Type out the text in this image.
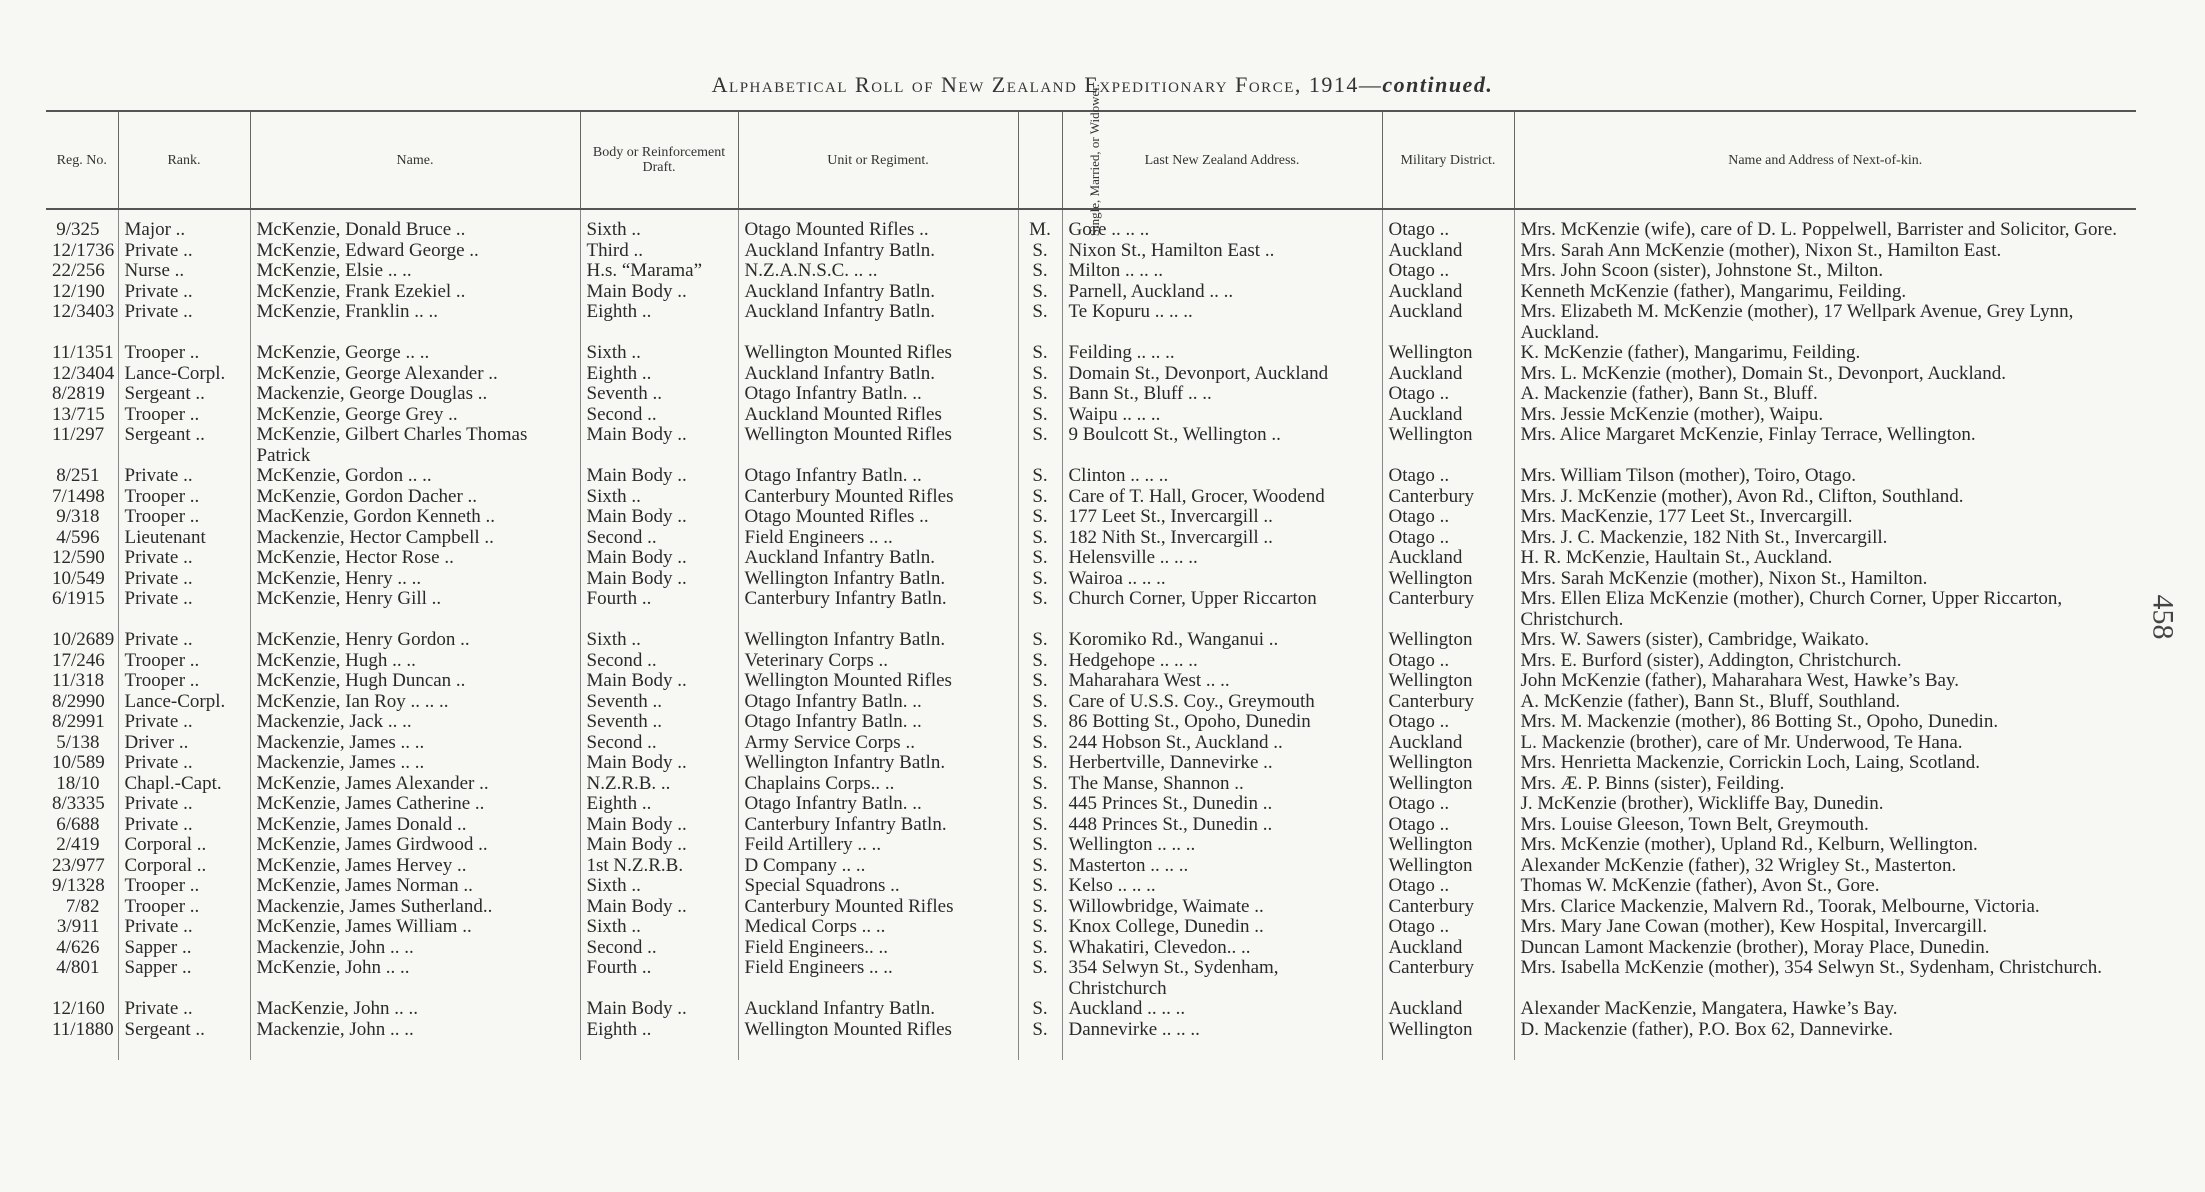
Alphabetical Roll of New Zealand Expeditionary Force, 1914—continued.
458
Reg. No.	Rank.	Name.	Body or Reinforcement Draft.	Unit or Regiment.	Single, Married, or Widower.	Last New Zealand Address.	Military District.	Name and Address of Next-of-kin.
9/325	Major ..	McKenzie, Donald Bruce ..	Sixth ..	Otago Mounted Rifles ..	M.	Gore .. .. ..	Otago ..	Mrs. McKenzie (wife), care of D. L. Poppelwell, Barrister and Solicitor, Gore.
12/1736	Private ..	McKenzie, Edward George ..	Third ..	Auckland Infantry Batln.	S.	Nixon St., Hamilton East ..	Auckland	Mrs. Sarah Ann McKenzie (mother), Nixon St., Hamilton East.
22/256	Nurse ..	McKenzie, Elsie .. ..	H.s. “Marama”	N.Z.A.N.S.C. .. ..	S.	Milton .. .. ..	Otago ..	Mrs. John Scoon (sister), Johnstone St., Milton.
12/190	Private ..	McKenzie, Frank Ezekiel ..	Main Body ..	Auckland Infantry Batln.	S.	Parnell, Auckland .. ..	Auckland	Kenneth McKenzie (father), Mangarimu, Feilding.
12/3403	Private ..	McKenzie, Franklin .. ..	Eighth ..	Auckland Infantry Batln.	S.	Te Kopuru .. .. ..	Auckland	Mrs. Elizabeth M. McKenzie (mother), 17 Wellpark Avenue, Grey Lynn, Auckland.
11/1351	Trooper ..	McKenzie, George .. ..	Sixth ..	Wellington Mounted Rifles	S.	Feilding .. .. ..	Wellington	K. McKenzie (father), Mangarimu, Feilding.
12/3404	Lance-Corpl.	McKenzie, George Alexander ..	Eighth ..	Auckland Infantry Batln.	S.	Domain St., Devonport, Auckland	Auckland	Mrs. L. McKenzie (mother), Domain St., Devonport, Auckland.
8/2819	Sergeant ..	Mackenzie, George Douglas ..	Seventh ..	Otago Infantry Batln. ..	S.	Bann St., Bluff .. ..	Otago ..	A. Mackenzie (father), Bann St., Bluff.
13/715	Trooper ..	McKenzie, George Grey ..	Second ..	Auckland Mounted Rifles	S.	Waipu .. .. ..	Auckland	Mrs. Jessie McKenzie (mother), Waipu.
11/297	Sergeant ..	McKenzie, Gilbert Charles Thomas Patrick	Main Body ..	Wellington Mounted Rifles	S.	9 Boulcott St., Wellington ..	Wellington	Mrs. Alice Margaret McKenzie, Finlay Terrace, Wellington.
8/251	Private ..	McKenzie, Gordon .. ..	Main Body ..	Otago Infantry Batln. ..	S.	Clinton .. .. ..	Otago ..	Mrs. William Tilson (mother), Toiro, Otago.
7/1498	Trooper ..	McKenzie, Gordon Dacher ..	Sixth ..	Canterbury Mounted Rifles	S.	Care of T. Hall, Grocer, Woodend	Canterbury	Mrs. J. McKenzie (mother), Avon Rd., Clifton, Southland.
9/318	Trooper ..	MacKenzie, Gordon Kenneth ..	Main Body ..	Otago Mounted Rifles ..	S.	177 Leet St., Invercargill ..	Otago ..	Mrs. MacKenzie, 177 Leet St., Invercargill.
4/596	Lieutenant	Mackenzie, Hector Campbell ..	Second ..	Field Engineers .. ..	S.	182 Nith St., Invercargill ..	Otago ..	Mrs. J. C. Mackenzie, 182 Nith St., Invercargill.
12/590	Private ..	McKenzie, Hector Rose ..	Main Body ..	Auckland Infantry Batln.	S.	Helensville .. .. ..	Auckland	H. R. McKenzie, Haultain St., Auckland.
10/549	Private ..	McKenzie, Henry .. ..	Main Body ..	Wellington Infantry Batln.	S.	Wairoa .. .. ..	Wellington	Mrs. Sarah McKenzie (mother), Nixon St., Hamilton.
6/1915	Private ..	McKenzie, Henry Gill ..	Fourth ..	Canterbury Infantry Batln.	S.	Church Corner, Upper Riccarton	Canterbury	Mrs. Ellen Eliza McKenzie (mother), Church Corner, Upper Riccarton, Christchurch.
10/2689	Private ..	McKenzie, Henry Gordon ..	Sixth ..	Wellington Infantry Batln.	S.	Koromiko Rd., Wanganui ..	Wellington	Mrs. W. Sawers (sister), Cambridge, Waikato.
17/246	Trooper ..	McKenzie, Hugh .. ..	Second ..	Veterinary Corps ..	S.	Hedgehope .. .. ..	Otago ..	Mrs. E. Burford (sister), Addington, Christchurch.
11/318	Trooper ..	McKenzie, Hugh Duncan ..	Main Body ..	Wellington Mounted Rifles	S.	Maharahara West .. ..	Wellington	John McKenzie (father), Maharahara West, Hawke’s Bay.
8/2990	Lance-Corpl.	McKenzie, Ian Roy .. .. ..	Seventh ..	Otago Infantry Batln. ..	S.	Care of U.S.S. Coy., Greymouth	Canterbury	A. McKenzie (father), Bann St., Bluff, Southland.
8/2991	Private ..	Mackenzie, Jack .. ..	Seventh ..	Otago Infantry Batln. ..	S.	86 Botting St., Opoho, Dunedin	Otago ..	Mrs. M. Mackenzie (mother), 86 Botting St., Opoho, Dunedin.
5/138	Driver ..	Mackenzie, James .. ..	Second ..	Army Service Corps ..	S.	244 Hobson St., Auckland ..	Auckland	L. Mackenzie (brother), care of Mr. Underwood, Te Hana.
10/589	Private ..	Mackenzie, James .. ..	Main Body ..	Wellington Infantry Batln.	S.	Herbertville, Dannevirke ..	Wellington	Mrs. Henrietta Mackenzie, Corrickin Loch, Laing, Scotland.
18/10	Chapl.-Capt.	McKenzie, James Alexander ..	N.Z.R.B. ..	Chaplains Corps.. ..	S.	The Manse, Shannon ..	Wellington	Mrs. Æ. P. Binns (sister), Feilding.
8/3335	Private ..	McKenzie, James Catherine ..	Eighth ..	Otago Infantry Batln. ..	S.	445 Princes St., Dunedin ..	Otago ..	J. McKenzie (brother), Wickliffe Bay, Dunedin.
6/688	Private ..	McKenzie, James Donald ..	Main Body ..	Canterbury Infantry Batln.	S.	448 Princes St., Dunedin ..	Otago ..	Mrs. Louise Gleeson, Town Belt, Greymouth.
2/419	Corporal ..	McKenzie, James Girdwood ..	Main Body ..	Feild Artillery .. ..	S.	Wellington .. .. ..	Wellington	Mrs. McKenzie (mother), Upland Rd., Kelburn, Wellington.
23/977	Corporal ..	McKenzie, James Hervey ..	1st N.Z.R.B.	D Company .. ..	S.	Masterton .. .. ..	Wellington	Alexander McKenzie (father), 32 Wrigley St., Masterton.
9/1328	Trooper ..	McKenzie, James Norman ..	Sixth ..	Special Squadrons ..	S.	Kelso .. .. ..	Otago ..	Thomas W. McKenzie (father), Avon St., Gore.
7/82	Trooper ..	Mackenzie, James Sutherland..	Main Body ..	Canterbury Mounted Rifles	S.	Willowbridge, Waimate ..	Canterbury	Mrs. Clarice Mackenzie, Malvern Rd., Toorak, Melbourne, Victoria.
3/911	Private ..	McKenzie, James William ..	Sixth ..	Medical Corps .. ..	S.	Knox College, Dunedin ..	Otago ..	Mrs. Mary Jane Cowan (mother), Kew Hospital, Invercargill.
4/626	Sapper ..	Mackenzie, John .. ..	Second ..	Field Engineers.. ..	S.	Whakatiri, Clevedon.. ..	Auckland	Duncan Lamont Mackenzie (brother), Moray Place, Dunedin.
4/801	Sapper ..	McKenzie, John .. ..	Fourth ..	Field Engineers .. ..	S.	354 Selwyn St., Sydenham, Christchurch	Canterbury	Mrs. Isabella McKenzie (mother), 354 Selwyn St., Sydenham, Christchurch.
12/160	Private ..	MacKenzie, John .. ..	Main Body ..	Auckland Infantry Batln.	S.	Auckland .. .. ..	Auckland	Alexander MacKenzie, Mangatera, Hawke’s Bay.
11/1880	Sergeant ..	Mackenzie, John .. ..	Eighth ..	Wellington Mounted Rifles	S.	Dannevirke .. .. ..	Wellington	D. Mackenzie (father), P.O. Box 62, Dannevirke.
